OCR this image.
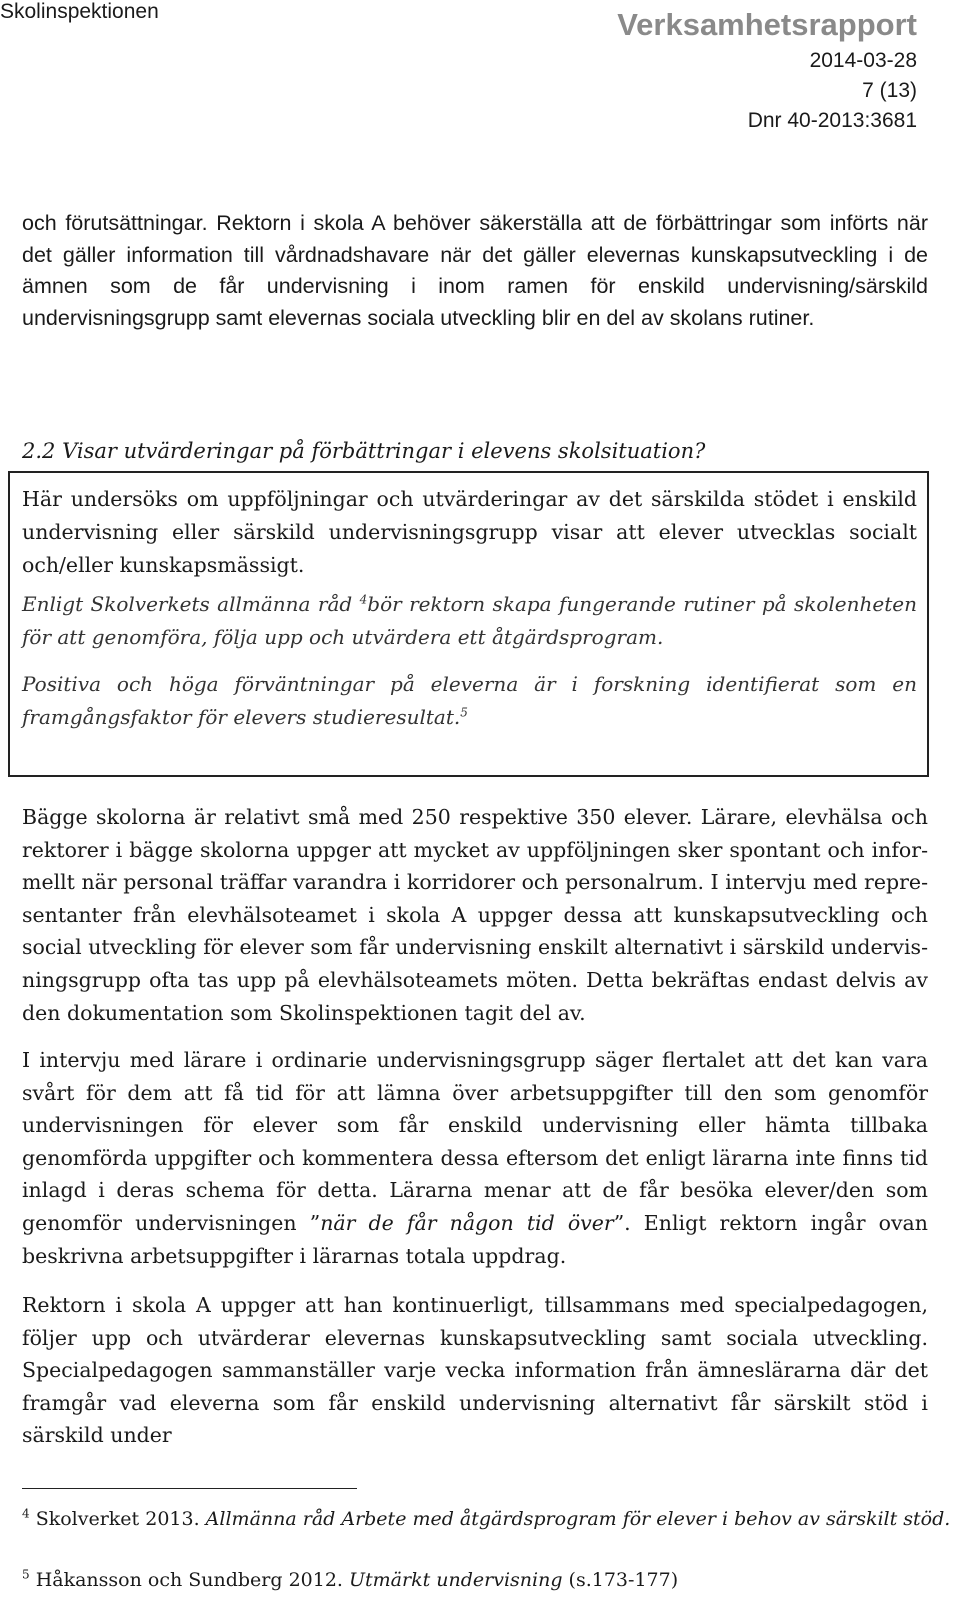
Skolinspektionen	Verksamhetsrapport
2014-03-28
7 (13)
Dnr 40-2013:3681

och förutsättningar. Rektorn i skola A behöver säkerställa att de förbättringar som införts när det gäller information till vårdnadshavare när det gäller elevernas kunskapsutveckling i de ämnen som de får undervisning i inom ramen för enskild undervisning/särskild undervisningsgrupp samt elevernas sociala utveckling blir en del av skolans rutiner.

2.2 Visar utvärderingar på förbättringar i elevens skolsituation?

Här undersöks om uppföljningar och utvärderingar av det särskilda stödet i enskild undervisning eller särskild undervisningsgrupp visar att elever utvecklas socialt och/eller kunskapsmässigt.

Enligt Skolverkets allmänna råd $^4$bör rektorn skapa fungerande rutiner på skolenheten för att genomföra, följa upp och utvärdera ett åtgärdsprogram.

Positiva och höga förväntningar på eleverna är i forskning identifierat som en framgångsfaktor för elevers studieresultat.$^5$

Bägge skolorna är relativt små med 250 respektive 350 elever. Lärare, elevhälsa och rektorer i bägge skolorna uppger att mycket av uppföljningen sker spontant och informellt när personal träffar varandra i korridorer och personalrum. I intervju med representanter från elevhälsoteamet i skola A uppger dessa att kunskapsutveckling och social utveckling för elever som får undervisning enskilt alternativt i särskild undervisningsgrupp ofta tas upp på elevhälsoteamets möten. Detta bekräftas endast delvis av den dokumentation som Skolinspektionen tagit del av.

I intervju med lärare i ordinarie undervisningsgrupp säger flertalet att det kan vara svårt för dem att få tid för att lämna över arbetsuppgifter till den som genomför undervisningen för elever som får enskild undervisning eller hämta tillbaka genomförda uppgifter och kommentera dessa eftersom det enligt lärarna inte finns tid inlagd i deras schema för detta. Lärarna menar att de får besöka elever/den som genomför undervisningen ”när de får någon tid över”. Enligt rektorn ingår ovan beskrivna arbetsuppgifter i lärarnas totala uppdrag.

Rektorn i skola A uppger att han kontinuerligt, tillsammans med specialpedagogen, följer upp och utvärderar elevernas kunskapsutveckling samt sociala utveckling. Specialpedagogen sammanställer varje vecka information från ämneslärarna där det framgår vad eleverna som får enskild undervisning alternativt får särskilt stöd i särskild under

$^4$ Skolverket 2013. Allmänna råd Arbete med åtgärdsprogram för elever i behov av särskilt stöd.

$^5$ Håkansson och Sundberg 2012. Utmärkt undervisning (s.173-177)
